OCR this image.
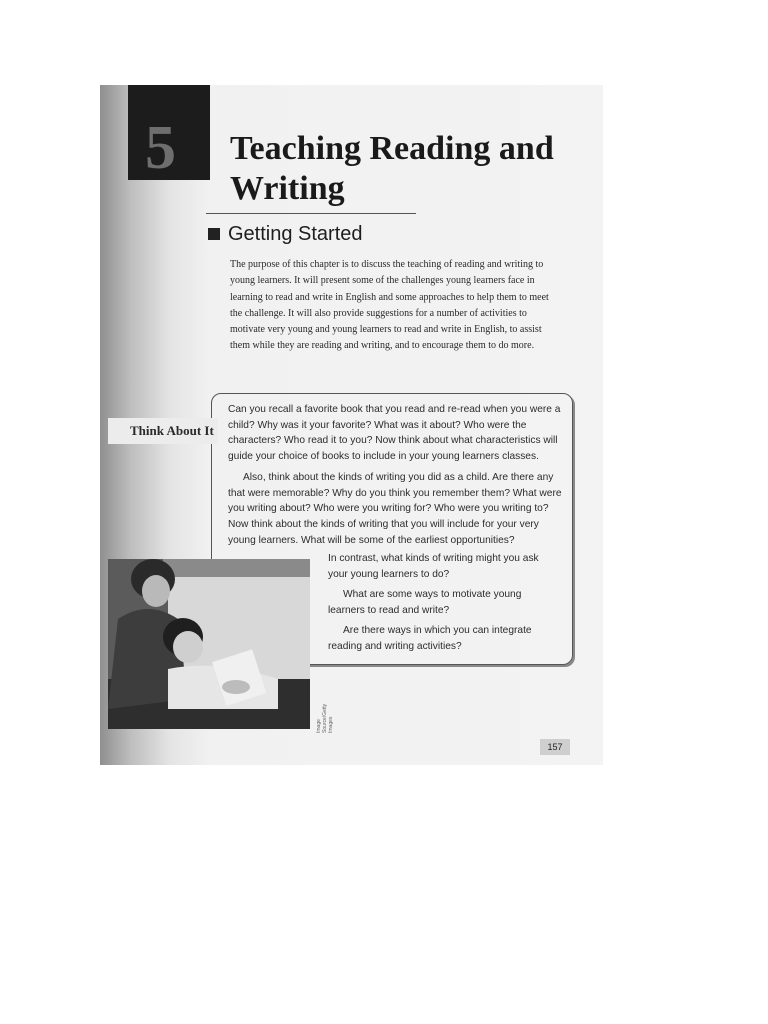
5 Teaching Reading and Writing
Getting Started

The purpose of this chapter is to discuss the teaching of reading and writing to young learners. It will present some of the challenges young learners face in learning to read and write in English and some approaches to help them to meet the challenge. It will also provide suggestions for a number of activities to motivate very young and young learners to read and write in English, to assist them while they are reading and writing, and to encourage them to do more.

Think About It

Can you recall a favorite book that you read and re-read when you were a child? Why was it your favorite? What was it about? Who were the characters? Who read it to you? Now think about what characteristics will guide your choice of books to include in your young learners classes.

Also, think about the kinds of writing you did as a child. Are there any that were memorable? Why do you think you remember them? What were you writing about? Who were you writing for? Who were you writing to? Now think about the kinds of writing that you will include for your very young learners. What will be some of the earliest opportunities?

In contrast, what kinds of writing might you ask your young learners to do?

What are some ways to motivate young learners to read and write?

Are there ways in which you can integrate reading and writing activities?

Image Source/Getty Images
157
